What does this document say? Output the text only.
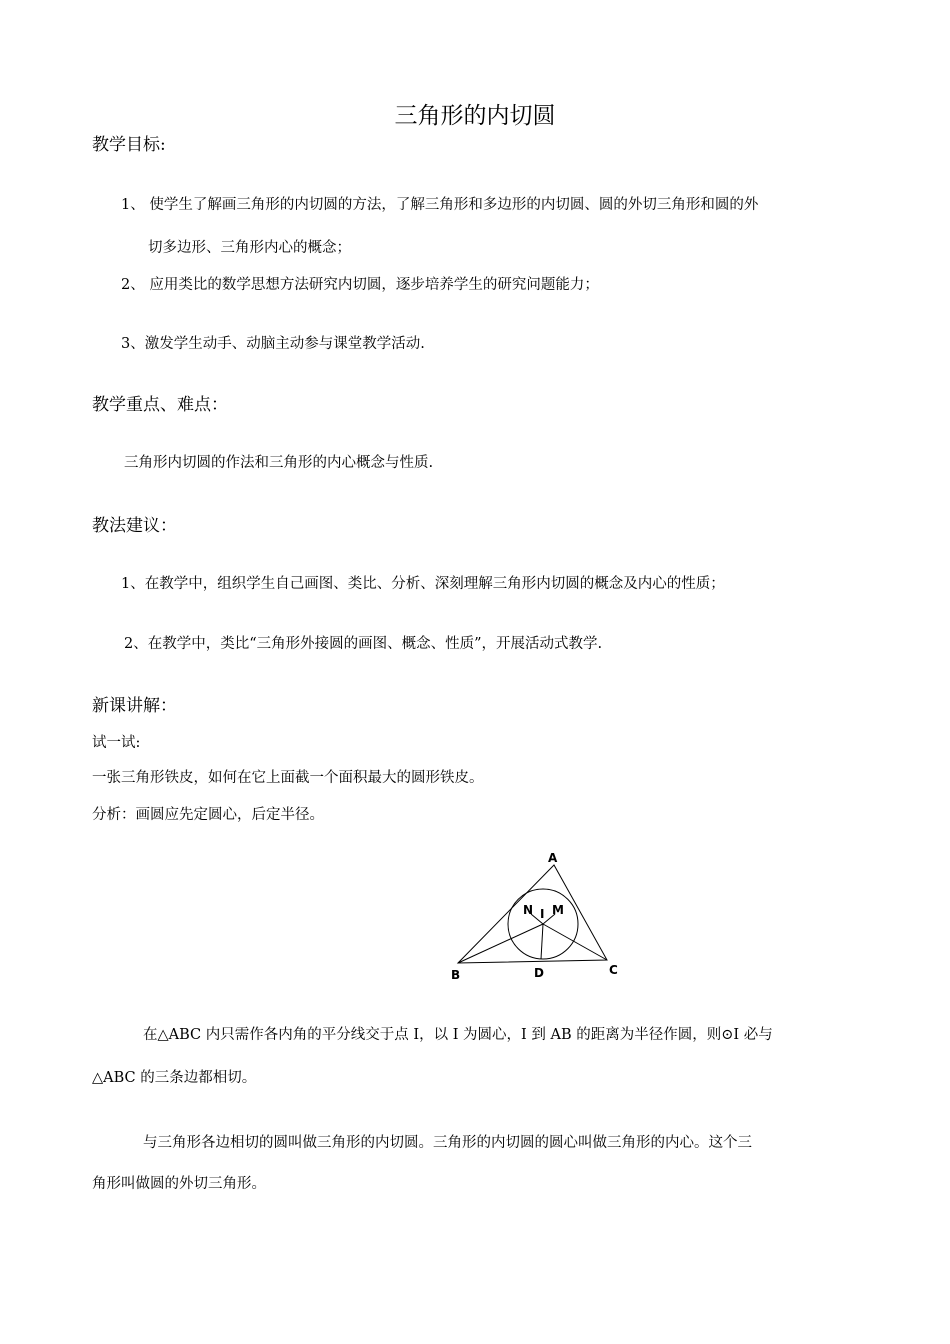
三角形的内切圆
教学目标:
1、 使学生了解画三角形的内切圆的方法，了解三角形和多边形的内切圆、圆的外切三角形和圆的外
切多边形、三角形内心的概念；
2、 应用类比的数学思想方法研究内切圆，逐步培养学生的研究问题能力；
3、激发学生动手、动脑主动参与课堂教学活动.
教学重点、难点：
三角形内切圆的作法和三角形的内心概念与性质.
教法建议：
1、在教学中，组织学生自己画图、类比、分析、深刻理解三角形内切圆的概念及内心的性质；
2、在教学中，类比“三角形外接圆的画图、概念、性质”，开展活动式教学.
新课讲解：
试一试:
一张三角形铁皮，如何在它上面截一个面积最大的圆形铁皮。
分析：画圆应先定圆心，后定半径。
A
B	C
D
N I M
在△ABC 内只需作各内角的平分线交于点 I，以 I 为圆心，I 到 AB 的距离为半径作圆，则⊙I 必与
△ABC 的三条边都相切。
与三角形各边相切的圆叫做三角形的内切圆。三角形的内切圆的圆心叫做三角形的内心。这个三
角形叫做圆的外切三角形。
